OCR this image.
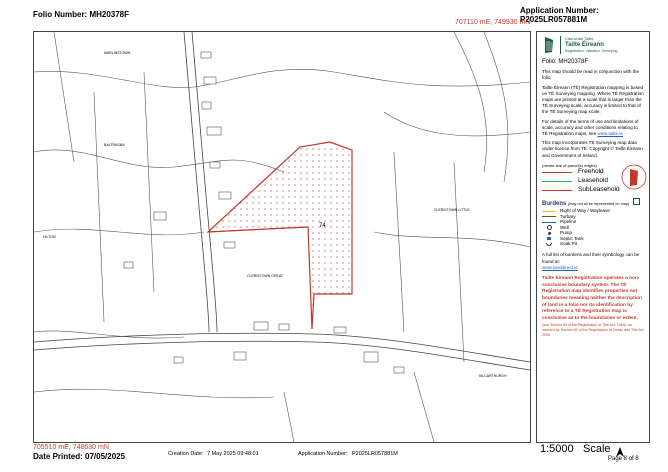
Folio Number: MH20378F	Application Number: P2025LR057881M
707110 mE, 749930 mN
74
MARLINSTOWN
BALTRASNA
CLERISTOWN LITTLE
CLERISTOWN GREAT
HILTON
KILCARTHURGH
Clárúchán Tailte
Tailte Éireann
Registration, Valuation, Surveying
Folio: MH20378F
This map should be read in conjunction with the folio.
Tailte Éireann (TÉ) Registration mapping is based on TÉ Surveying mapping. Where TÉ Registration maps are printed at a scale that is larger than the TÉ Surveying scale, accuracy is limited to that of the TÉ Surveying map scale.
For details of the terms of use and limitations of scale, accuracy and other conditions relating to TÉ Registration maps, see www.tailte.ie
This map incorporates TÉ Surveying map data under licence from TÉ. Copyright © Tailte Éireann and Government of Ireland.
(centre-line of parcel(s) edged)
Freehold
Leasehold
SubLeasehold
Burdens (may not all be represented on map)
Right of Way / Wayleave
Turbary
Pipeline
Well
Pump
Septic Tank
Soak Pit
A full list of burdens and their symbology can be found at:
www.landdirect.ie
Tailte Éireann Registration operates a non-conclusive boundary system. The TÉ Registration map identifies properties not boundaries meaning neither the description of land in a folio nor its identification by reference to a TÉ Registration map is conclusive as to the boundaries or extent.
(see Section 85 of the Registration of Title Act, 1964). As inserted by Section 62 of the Registration of Deeds and Title Act 2006.
705510 mE, 748630 mN
Date Printed: 07/05/2025	Creation Date: 7 May 2025 09:48:01	Application Number: P2025LR057881M	1:5000 Scale
Page 8 of 8
